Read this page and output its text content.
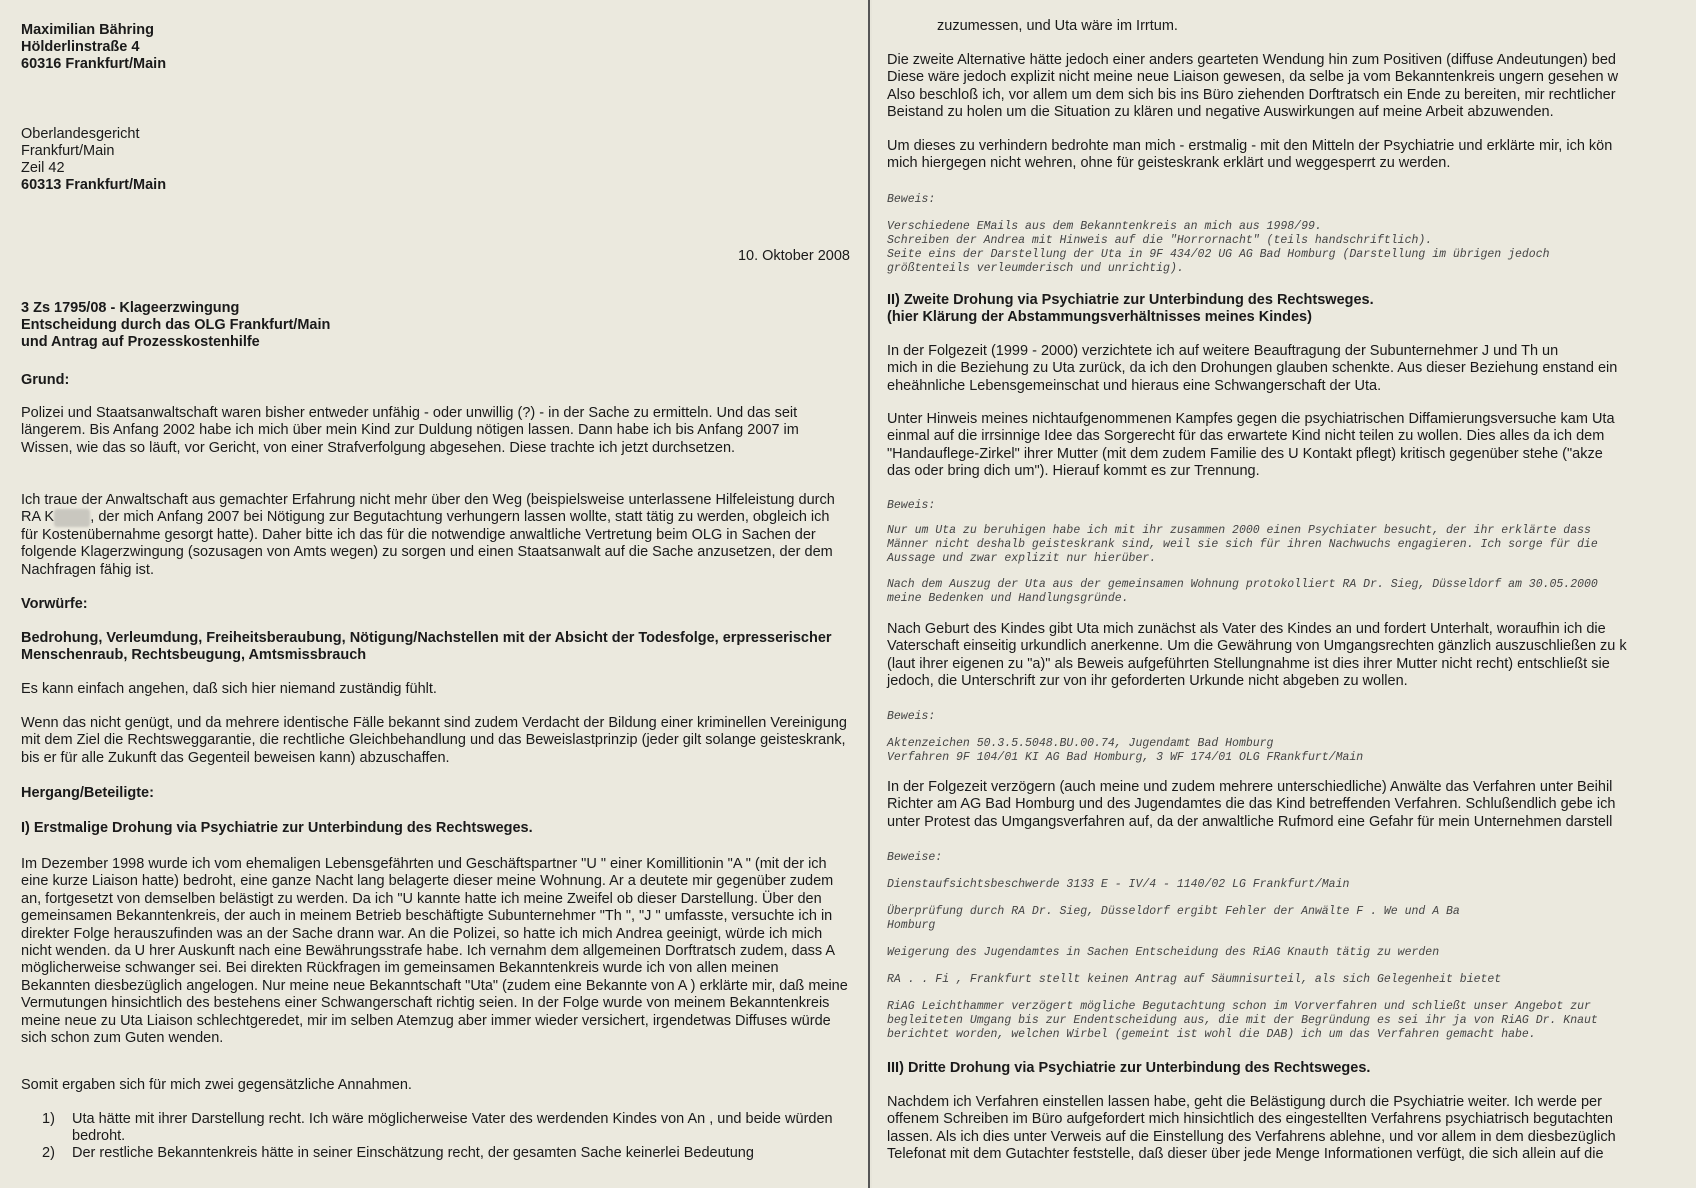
Maximilian Bähring
Hölderlinstraße 4
60316 Frankfurt/Main
Oberlandesgericht
Frankfurt/Main
Zeil 42
60313 Frankfurt/Main
10. Oktober 2008
3 Zs 1795/08 - Klageerzwingung
Entscheidung durch das OLG Frankfurt/Main
und Antrag auf Prozesskostenhilfe
Grund:
Polizei und Staatsanwaltschaft waren bisher entweder unfähig - oder unwillig (?) - in der Sache zu ermitteln. Und das seit längerem. Bis Anfang 2002 habe ich mich über mein Kind zur Duldung nötigen lassen. Dann habe ich bis Anfang 2007 im Wissen, wie das so läuft, vor Gericht, von einer Strafverfolgung abgesehen. Diese trachte ich jetzt durchsetzen.
Ich traue der Anwaltschaft aus gemachter Erfahrung nicht mehr über den Weg (beispielsweise unterlassene Hilfeleistung durch RA K	, der mich Anfang 2007 bei Nötigung zur Begutachtung verhungern lassen wollte, statt tätig zu werden, obgleich ich für Kostenübernahme gesorgt hatte). Daher bitte ich das für die notwendige anwaltliche Vertretung beim OLG in Sachen der folgende Klagerzwingung (sozusagen von Amts wegen) zu sorgen und einen Staatsanwalt auf die Sache anzusetzen, der dem Nachfragen fähig ist.
Vorwürfe:
Bedrohung, Verleumdung, Freiheitsberaubung, Nötigung/Nachstellen mit der Absicht der Todesfolge, erpresserischer Menschenraub, Rechtsbeugung, Amtsmissbrauch
Es kann einfach angehen, daß sich hier niemand zuständig fühlt.
Wenn das nicht genügt, und da mehrere identische Fälle bekannt sind zudem Verdacht der Bildung einer kriminellen Vereinigung mit dem Ziel die Rechtsweggarantie, die rechtliche Gleichbehandlung und das Beweislastprinzip (jeder gilt solange geisteskrank, bis er für alle Zukunft das Gegenteil beweisen kann) abzuschaffen.
Hergang/Beteiligte:
I) Erstmalige Drohung via Psychiatrie zur Unterbindung des Rechtsweges.
Im Dezember 1998 wurde ich vom ehemaligen Lebensgefährten und Geschäftspartner "U " einer Komillitionin "A " (mit der ich eine kurze Liaison hatte) bedroht, eine ganze Nacht lang belagerte dieser meine Wohnung. Ar a deutete mir gegenüber zudem an, fortgesetzt von demselben belästigt zu werden. Da ich "U kannte hatte ich meine Zweifel ob dieser Darstellung. Über den gemeinsamen Bekanntenkreis, der auch in meinem Betrieb beschäftigte Subunternehmer "Th ", "J " umfasste, versuchte ich in direkter Folge herauszufinden was an der Sache drann war. An die Polizei, so hatte ich mich Andrea geeinigt, würde ich mich nicht wenden. da U hrer Auskunft nach eine Bewährungsstrafe habe. Ich vernahm dem allgemeinen Dorftratsch zudem, dass A möglicherweise schwanger sei. Bei direkten Rückfragen im gemeinsamen Bekanntenkreis wurde ich von allen meinen Bekannten diesbezüglich angelogen. Nur meine neue Bekanntschaft "Uta" (zudem eine Bekannte von A ) erklärte mir, daß meine Vermutungen hinsichtlich des bestehens einer Schwangerschaft richtig seien. In der Folge wurde von meinem Bekanntenkreis meine neue zu Uta Liaison schlechtgeredet, mir im selben Atemzug aber immer wieder versichert, irgendetwas Diffuses würde sich schon zum Guten wenden.
Somit ergaben sich für mich zwei gegensätzliche Annahmen.
1) Uta hätte mit ihrer Darstellung recht. Ich wäre möglicherweise Vater des werdenden Kindes von An , und beide würden bedroht.
2) Der restliche Bekanntenkreis hätte in seiner Einschätzung recht, der gesamten Sache keinerlei Bedeutung
zuzumessen, und Uta wäre im Irrtum.
Die zweite Alternative hätte jedoch einer anders gearteten Wendung hin zum Positiven (diffuse Andeutungen) bed
Diese wäre jedoch explizit nicht meine neue Liaison gewesen, da selbe ja vom Bekanntenkreis ungern gesehen w
Also beschloß ich, vor allem um dem sich bis ins Büro ziehenden Dorftratsch ein Ende zu bereiten, mir rechtlicher
Beistand zu holen um die Situation zu klären und negative Auswirkungen auf meine Arbeit abzuwenden.
Um dieses zu verhindern bedrohte man mich - erstmalig - mit den Mitteln der Psychiatrie und erklärte mir, ich kön
mich hiergegen nicht wehren, ohne für geisteskrank erklärt und weggesperrt zu werden.
Beweis:
Verschiedene EMails aus dem Bekanntenkreis an mich aus 1998/99.
Schreiben der Andrea mit Hinweis auf die "Horrornacht" (teils handschriftlich).
Seite eins der Darstellung der Uta in 9F 434/02 UG AG Bad Homburg (Darstellung im übrigen jedoch
größtenteils verleumderisch und unrichtig).
II) Zweite Drohung via Psychiatrie zur Unterbindung des Rechtsweges.
(hier Klärung der Abstammungsverhältnisses meines Kindes)
In der Folgezeit (1999 - 2000) verzichtete ich auf weitere Beauftragung der Subunternehmer J und Th un
mich in die Beziehung zu Uta zurück, da ich den Drohungen glauben schenkte. Aus dieser Beziehung enstand ein
eheähnliche Lebensgemeinschat und hieraus eine Schwangerschaft der Uta.
Unter Hinweis meines nichtaufgenommenen Kampfes gegen die psychiatrischen Diffamierungsversuche kam Uta
einmal auf die irrsinnige Idee das Sorgerecht für das erwartete Kind nicht teilen zu wollen. Dies alles da ich dem
"Handauflege-Zirkel" ihrer Mutter (mit dem zudem Familie des U Kontakt pflegt) kritisch gegenüber stehe ("akze
das oder bring dich um"). Hierauf kommt es zur Trennung.
Beweis:
Nur um Uta zu beruhigen habe ich mit ihr zusammen 2000 einen Psychiater besucht, der ihr erklärte dass
Männer nicht deshalb geisteskrank sind, weil sie sich für ihren Nachwuchs engagieren. Ich sorge für die
Aussage und zwar explizit nur hierüber.
Nach dem Auszug der Uta aus der gemeinsamen Wohnung protokolliert RA Dr. Sieg, Düsseldorf am 30.05.2000
meine Bedenken und Handlungsgründe.
Nach Geburt des Kindes gibt Uta mich zunächst als Vater des Kindes an und fordert Unterhalt, woraufhin ich die
Vaterschaft einseitig urkundlich anerkenne. Um die Gewährung von Umgangsrechten gänzlich auszuschließen zu k
(laut ihrer eigenen zu "a)" als Beweis aufgeführten Stellungnahme ist dies ihrer Mutter nicht recht) entschließt sie
jedoch, die Unterschrift zur von ihr geforderten Urkunde nicht abgeben zu wollen.
Beweis:
Aktenzeichen 50.3.5.5048.BU.00.74, Jugendamt Bad Homburg
Verfahren 9F 104/01 KI AG Bad Homburg, 3 WF 174/01 OLG FRankfurt/Main
In der Folgezeit verzögern (auch meine und zudem mehrere unterschiedliche) Anwälte das Verfahren unter Beihil
Richter am AG Bad Homburg und des Jugendamtes die das Kind betreffenden Verfahren. Schlußendlich gebe ich
unter Protest das Umgangsverfahren auf, da der anwaltliche Rufmord eine Gefahr für mein Unternehmen darstell
Beweise:
Dienstaufsichtsbeschwerde 3133 E - IV/4 - 1140/02 LG Frankfurt/Main
Überprüfung durch RA Dr. Sieg, Düsseldorf ergibt Fehler der Anwälte F . We und A Ba
Homburg
Weigerung des Jugendamtes in Sachen Entscheidung des RiAG Knauth tätig zu werden
RA . . Fi , Frankfurt stellt keinen Antrag auf Säumnisurteil, als sich Gelegenheit bietet
RiAG Leichthammer verzögert mögliche Begutachtung schon im Vorverfahren und schließt unser Angebot zur
begleiteten Umgang bis zur Endentscheidung aus, die mit der Begründung es sei ihr ja von RiAG Dr. Knaut
berichtet worden, welchen Wirbel (gemeint ist wohl die DAB) ich um das Verfahren gemacht habe.
III) Dritte Drohung via Psychiatrie zur Unterbindung des Rechtsweges.
Nachdem ich Verfahren einstellen lassen habe, geht die Belästigung durch die Psychiatrie weiter. Ich werde per
offenem Schreiben im Büro aufgefordert mich hinsichtlich des eingestellten Verfahrens psychiatrisch begutachten
lassen. Als ich dies unter Verweis auf die Einstellung des Verfahrens ablehne, und vor allem in dem diesbezüglich
Telefonat mit dem Gutachter feststelle, daß dieser über jede Menge Informationen verfügt, die sich allein auf die
